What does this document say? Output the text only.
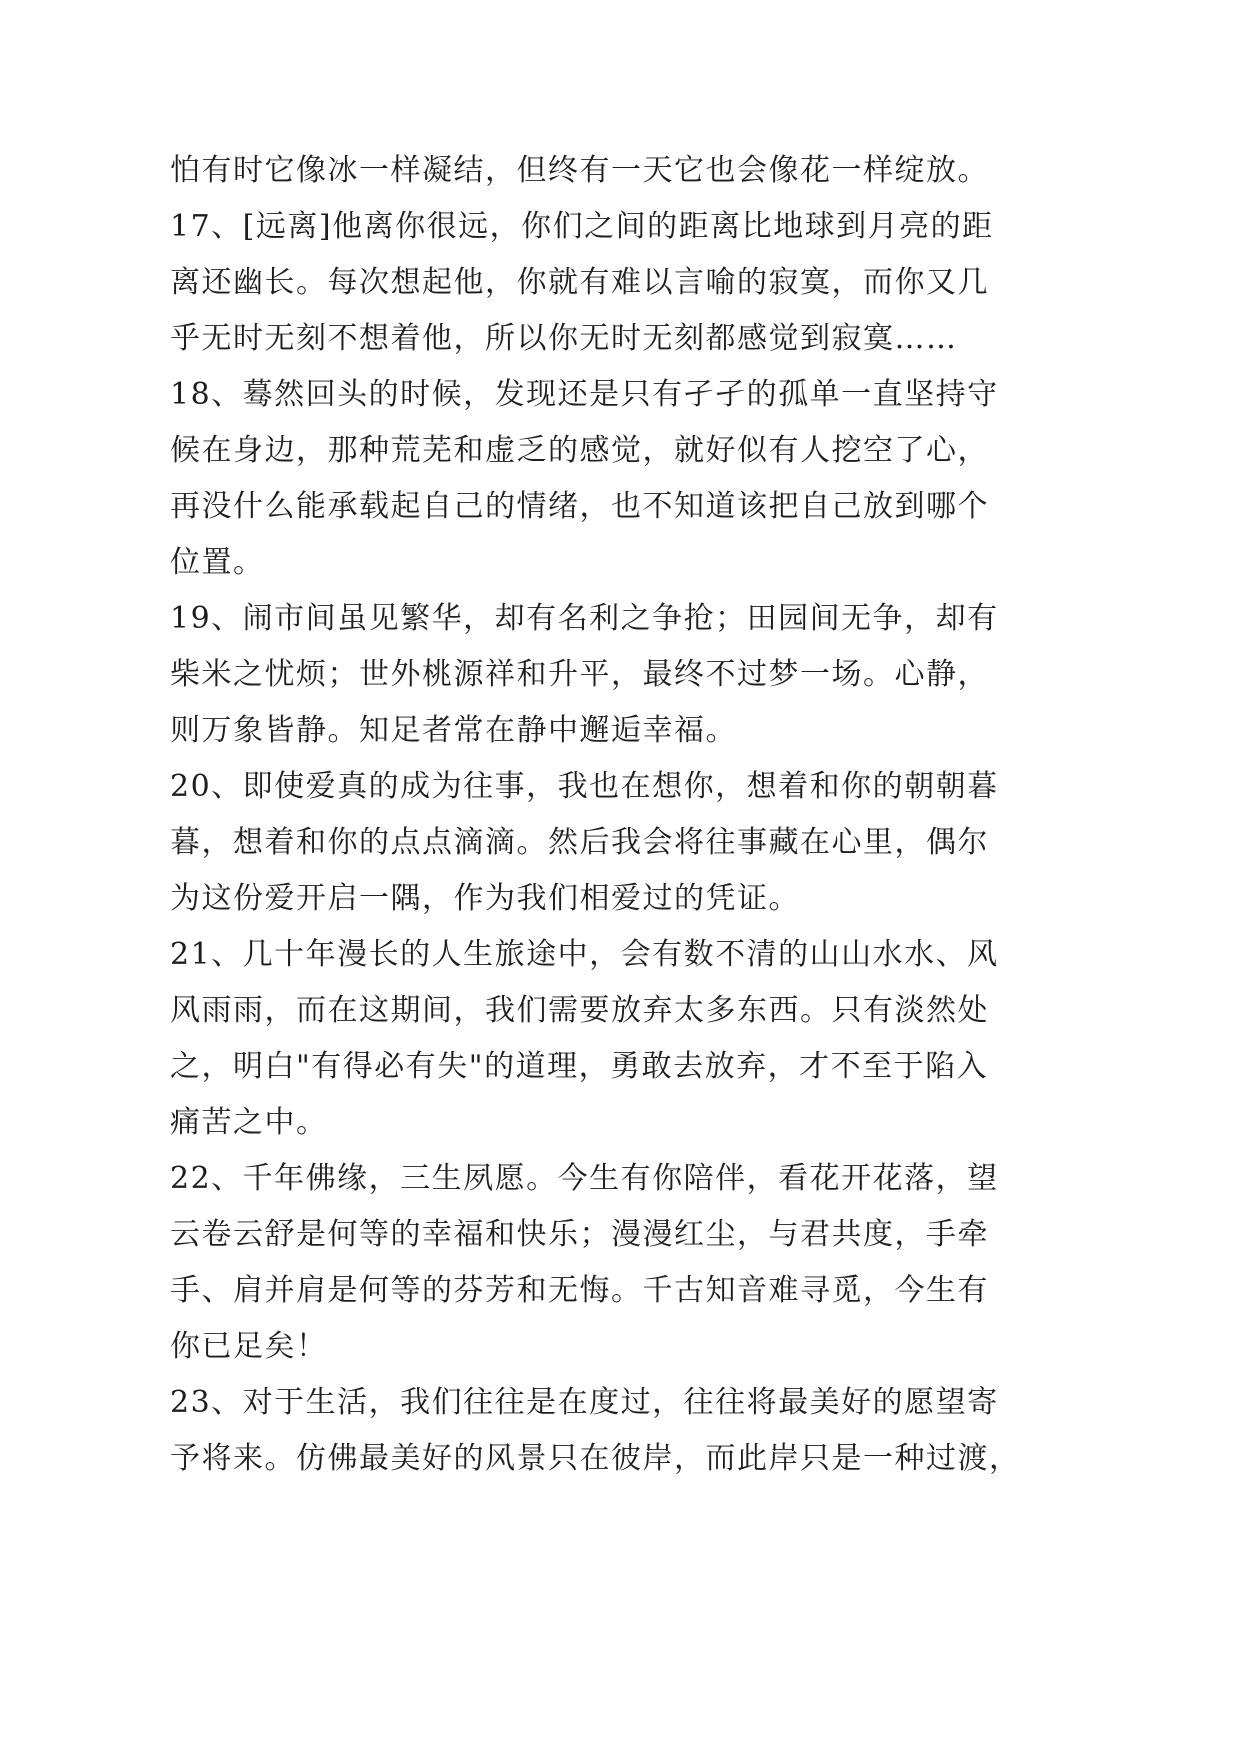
怕有时它像冰一样凝结，但终有一天它也会像花一样绽放。
17、[远离]他离你很远，你们之间的距离比地球到月亮的距
离还幽长。每次想起他，你就有难以言喻的寂寞，而你又几
乎无时无刻不想着他，所以你无时无刻都感觉到寂寞……
18、蓦然回头的时候，发现还是只有孑孑的孤单一直坚持守
候在身边，那种荒芜和虚乏的感觉，就好似有人挖空了心，
再没什么能承载起自己的情绪，也不知道该把自己放到哪个
位置。
19、闹市间虽见繁华，却有名利之争抢；田园间无争，却有
柴米之忧烦；世外桃源祥和升平，最终不过梦一场。心静，
则万象皆静。知足者常在静中邂逅幸福。
20、即使爱真的成为往事，我也在想你，想着和你的朝朝暮
暮，想着和你的点点滴滴。然后我会将往事藏在心里，偶尔
为这份爱开启一隅，作为我们相爱过的凭证。
21、几十年漫长的人生旅途中，会有数不清的山山水水、风
风雨雨，而在这期间，我们需要放弃太多东西。只有淡然处
之，明白"有得必有失"的道理，勇敢去放弃，才不至于陷入
痛苦之中。
22、千年佛缘，三生夙愿。今生有你陪伴，看花开花落，望
云卷云舒是何等的幸福和快乐；漫漫红尘，与君共度，手牵
手、肩并肩是何等的芬芳和无悔。千古知音难寻觅，今生有
你已足矣！
23、对于生活，我们往往是在度过，往往将最美好的愿望寄
予将来。仿佛最美好的风景只在彼岸，而此岸只是一种过渡，
